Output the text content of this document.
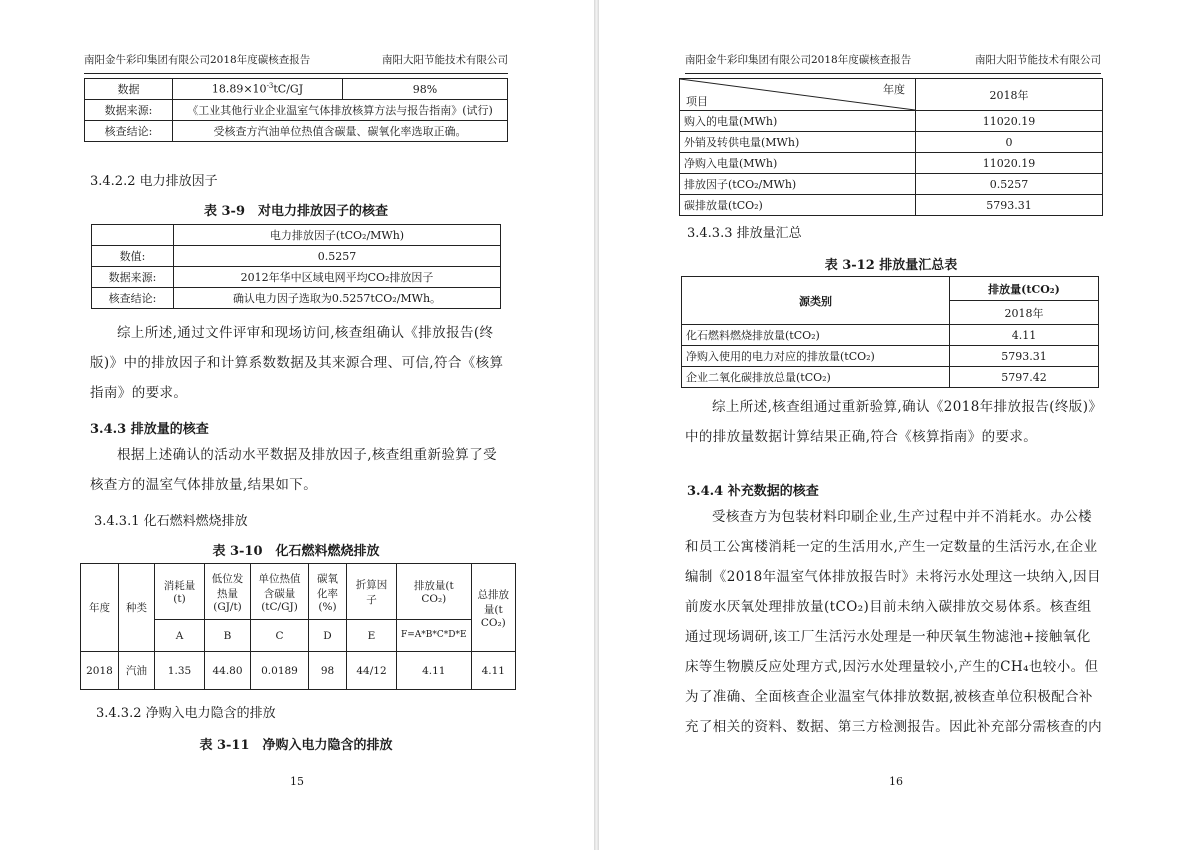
南阳金牛彩印集团有限公司2018年度碳核查报告	南阳大阳节能技术有限公司
数据	$18.89\times 10^{-3}tC/GJ$	98%
数据来源:	《工业其他行业企业温室气体排放核算方法与报告指南》(试行)	
核查结论:	受核查方汽油单位热值含碳量、碳氧化率选取正确。	
3.4.2.2 电力排放因子
表 3-9　对电力排放因子的核查
	电力排放因子(tCO₂/MWh)
数值:	0.5257
数据来源:	2012年华中区域电网平均CO₂排放因子
核查结论:	确认电力因子选取为0.5257tCO₂/MWh。
综上所述,通过文件评审和现场访问,核查组确认《排放报告(终版)》中的排放因子和计算系数数据及其来源合理、可信,符合《核算指南》的要求。
3.4.3 排放量的核查
根据上述确认的活动水平数据及排放因子,核查组重新验算了受核查方的温室气体排放量,结果如下。
3.4.3.1 化石燃料燃烧排放
表 3-10　化石燃料燃烧排放
年度	种类	消耗量(t)	低位发热量(GJ/t)	单位热值含碳量(tC/GJ)	碳氧化率(%)	折算因子	排放量(t CO₂)	总排放量(t CO₂)
		A	B	C	D	E	F=A*B*C*D*E	
2018	汽油	1.35	44.80	0.0189	98	44/12	4.11	4.11
3.4.3.2 净购入电力隐含的排放
表 3-11　净购入电力隐含的排放
15
南阳金牛彩印集团有限公司2018年度碳核查报告	南阳大阳节能技术有限公司
年度
项目	2018年
购入的电量(MWh)	11020.19
外销及转供电量(MWh)	0
净购入电量(MWh)	11020.19
排放因子(tCO₂/MWh)	0.5257
碳排放量(tCO₂)	5793.31
3.4.3.3 排放量汇总
表 3-12 排放量汇总表
源类别	排放量(tCO₂)
	2018年
化石燃料燃烧排放量(tCO₂)	4.11
净购入使用的电力对应的排放量(tCO₂)	5793.31
企业二氧化碳排放总量(tCO₂)	5797.42
综上所述,核查组通过重新验算,确认《2018年排放报告(终版)》中的排放量数据计算结果正确,符合《核算指南》的要求。
3.4.4 补充数据的核查
受核查方为包装材料印刷企业,生产过程中并不消耗水。办公楼和员工公寓楼消耗一定的生活用水,产生一定数量的生活污水,在企业编制《2018年温室气体排放报告时》未将污水处理这一块纳入,因目前废水厌氧处理排放量(tCO₂)目前未纳入碳排放交易体系。核查组通过现场调研,该工厂生活污水处理是一种厌氧生物滤池+接触氧化床等生物膜反应处理方式,因污水处理量较小,产生的CH₄也较小。但为了准确、全面核查企业温室气体排放数据,被核查单位积极配合补充了相关的资料、数据、第三方检测报告。因此补充部分需核查的内
16
